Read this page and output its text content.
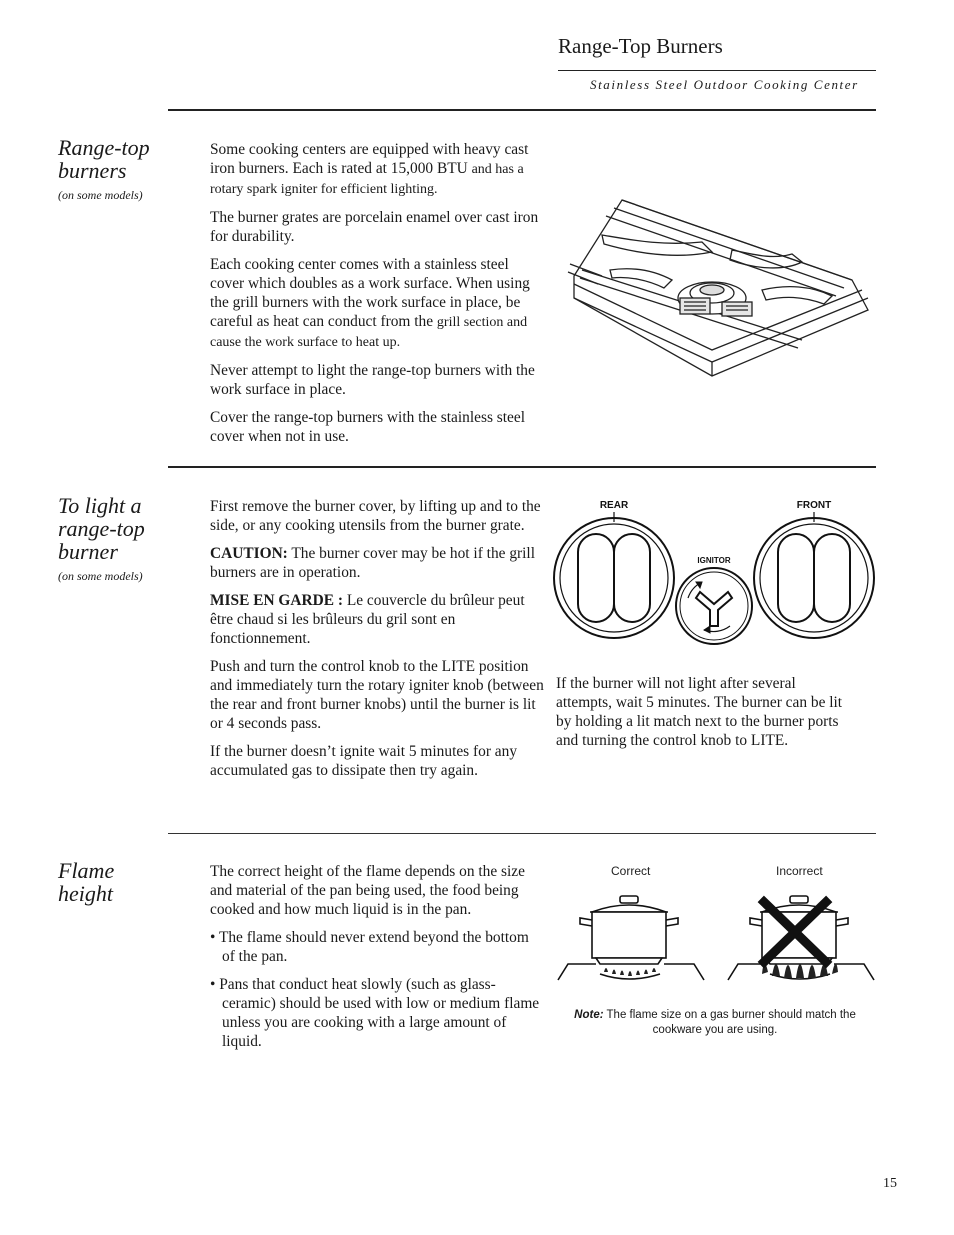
Range-Top Burners
Stainless Steel Outdoor Cooking Center
Range-top
burners
(on some models)

Some cooking centers are equipped with heavy cast iron burners. Each is rated at 15,000 BTU and has a rotary spark igniter for efficient lighting.

The burner grates are porcelain enamel over cast iron for durability.

Each cooking center comes with a stainless steel cover which doubles as a work surface. When using the grill burners with the work surface in place, be careful as heat can conduct from the grill section and cause the work surface to heat up.

Never attempt to light the range-top burners with the work surface in place.

Cover the range-top burners with the stainless steel cover when not in use.

To light a
range-top
burner
(on some models)

First remove the burner cover, by lifting up and to the side, or any cooking utensils from the burner grate.

CAUTION: The burner cover may be hot if the grill burners are in operation.

MISE EN GARDE : Le couvercle du brûleur peut être chaud si les brûleurs du gril sont en fonctionnement.

Push and turn the control knob to the LITE position and immediately turn the rotary igniter knob (between the rear and front burner knobs) until the burner is lit or 4 seconds pass.

If the burner doesn’t ignite wait 5 minutes for any accumulated gas to dissipate then try again.

REAR	FRONT
IGNITOR

If the burner will not light after several attempts, wait 5 minutes. The burner can be lit by holding a lit match next to the burner ports and turning the control knob to LITE.

Flame
height

The correct height of the flame depends on the size and material of the pan being used, the food being cooked and how much liquid is in the pan.

• The flame should never extend beyond the bottom of the pan.

• Pans that conduct heat slowly (such as glass-ceramic) should be used with low or medium flame unless you are cooking with a large amount of liquid.

Correct	Incorrect
Note: The flame size on a gas burner should match the cookware you are using.
15
